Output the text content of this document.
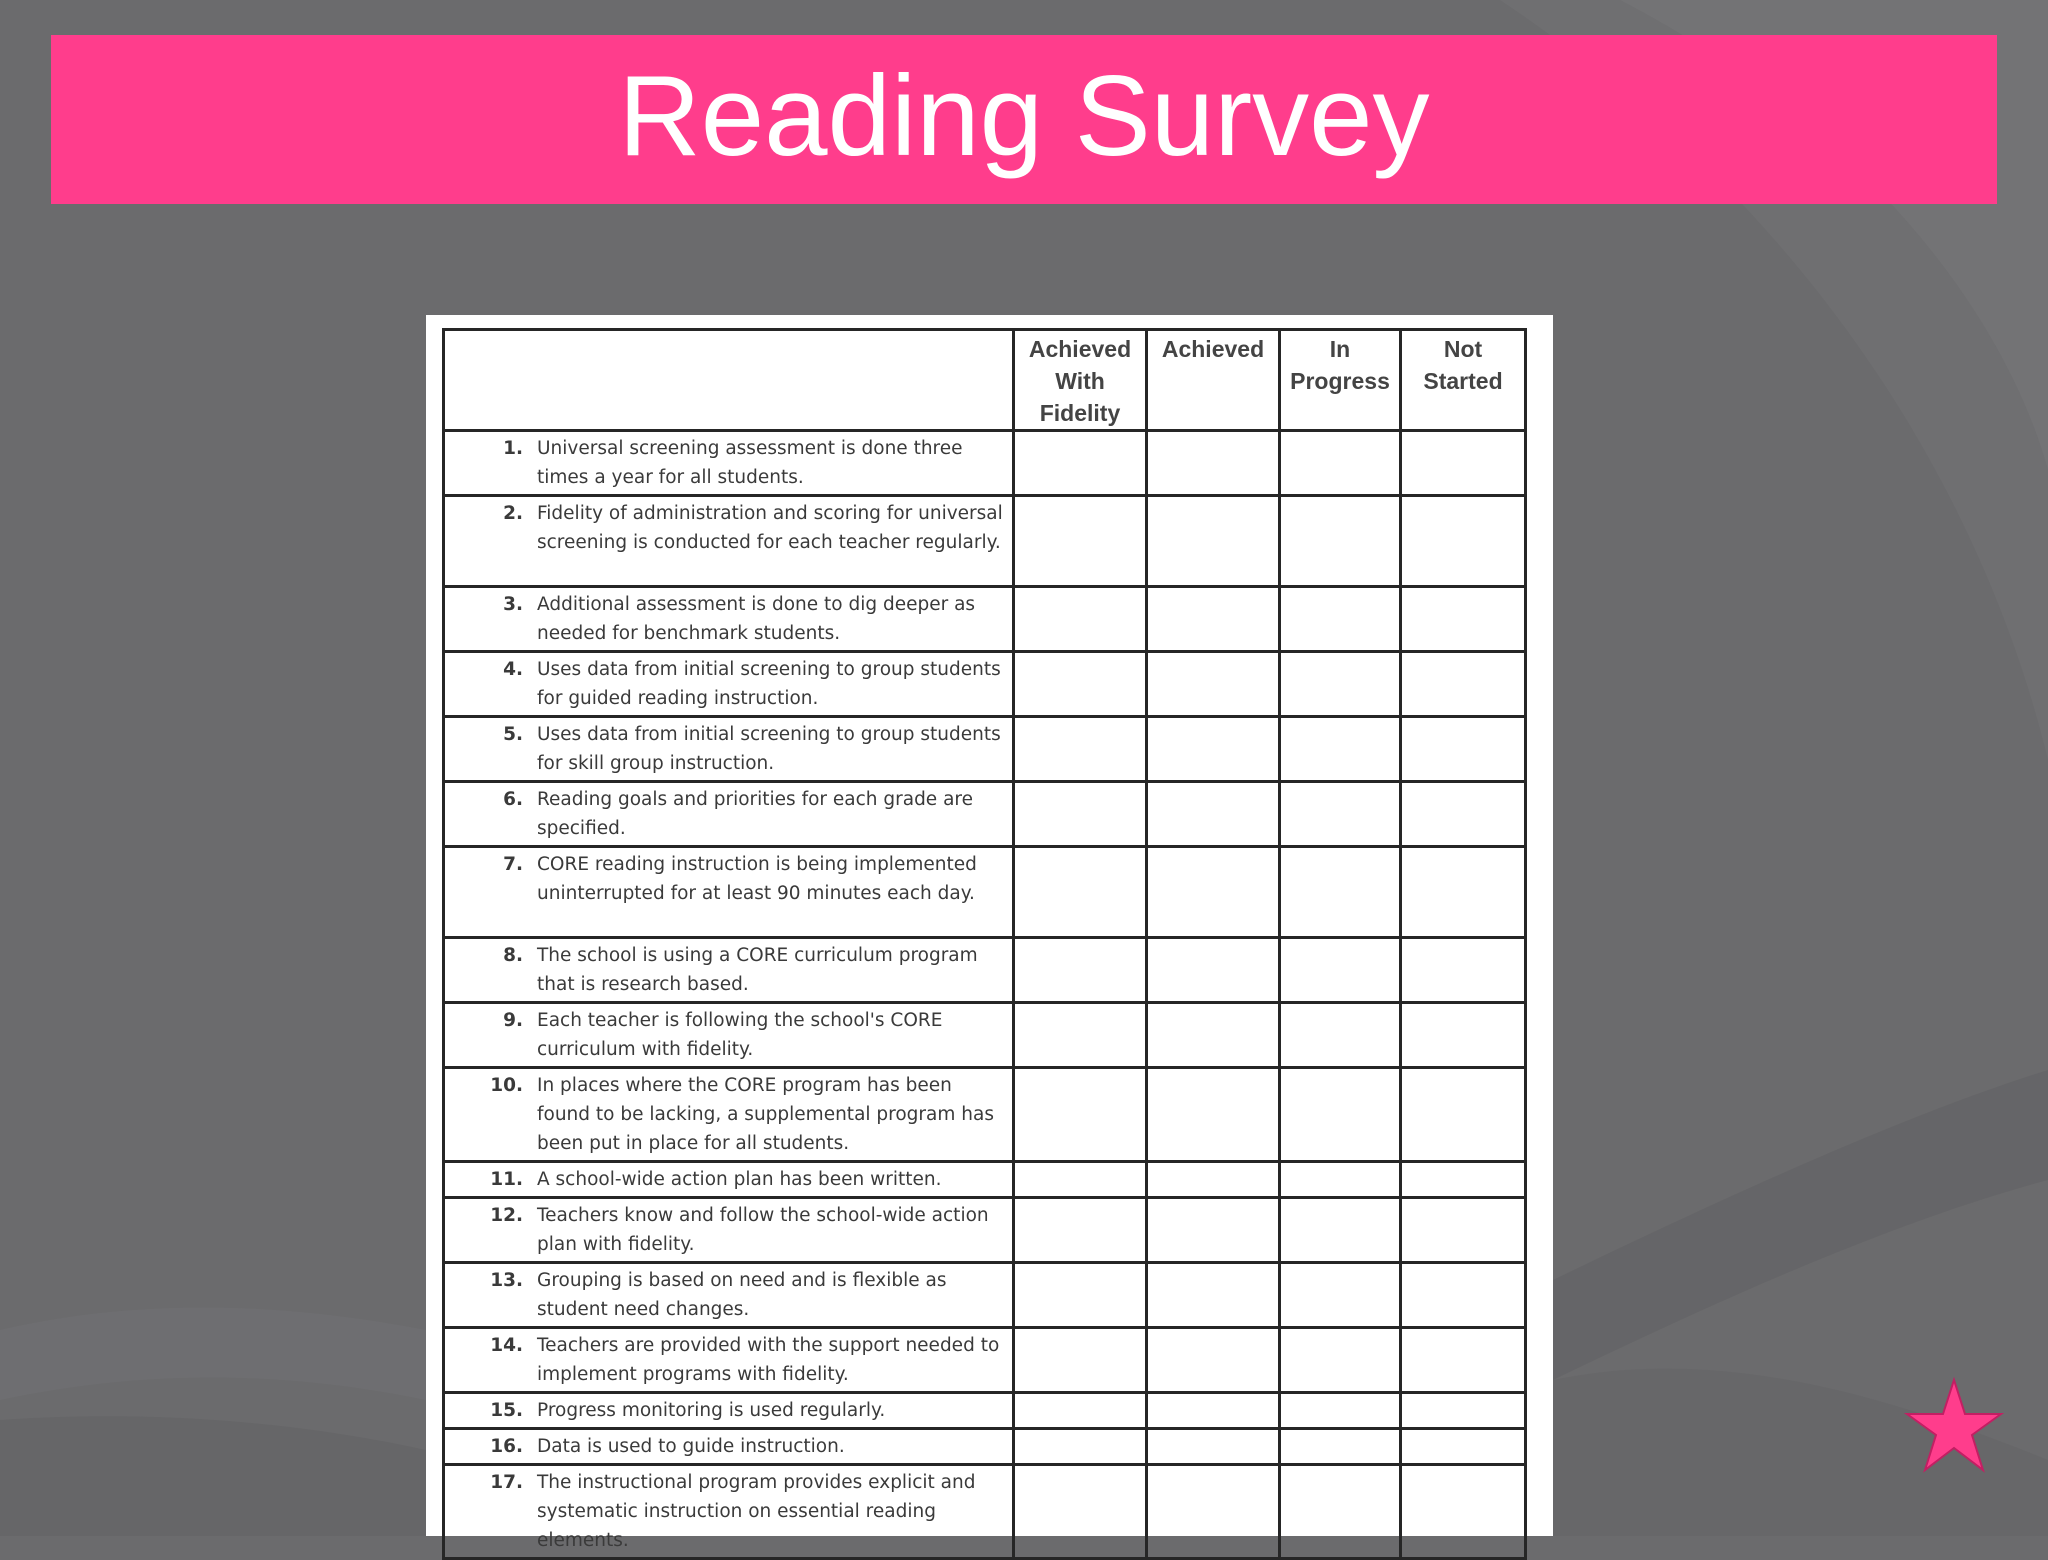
Reading Survey
	Achieved With Fidelity	Achieved	In Progress	Not Started

1. Universal screening assessment is done three times a year for all students.				

2. Fidelity of administration and scoring for universal screening is conducted for each teacher regularly.				

3. Additional assessment is done to dig deeper as needed for benchmark students.				

4. Uses data from initial screening to group students for guided reading instruction.				

5. Uses data from initial screening to group students for skill group instruction.				

6. Reading goals and priorities for each grade are specified.				

7. CORE reading instruction is being implemented uninterrupted for at least 90 minutes each day.				

8. The school is using a CORE curriculum program that is research based.				

9. Each teacher is following the school's CORE curriculum with fidelity.				

10. In places where the CORE program has been found to be lacking, a supplemental program has been put in place for all students.				

11. A school-wide action plan has been written.				

12. Teachers know and follow the school-wide action plan with fidelity.				

13. Grouping is based on need and is flexible as student need changes.				

14. Teachers are provided with the support needed to implement programs with fidelity.				

15. Progress monitoring is used regularly.				

16. Data is used to guide instruction.				

17. The instructional program provides explicit and systematic instruction on essential reading elements.				
